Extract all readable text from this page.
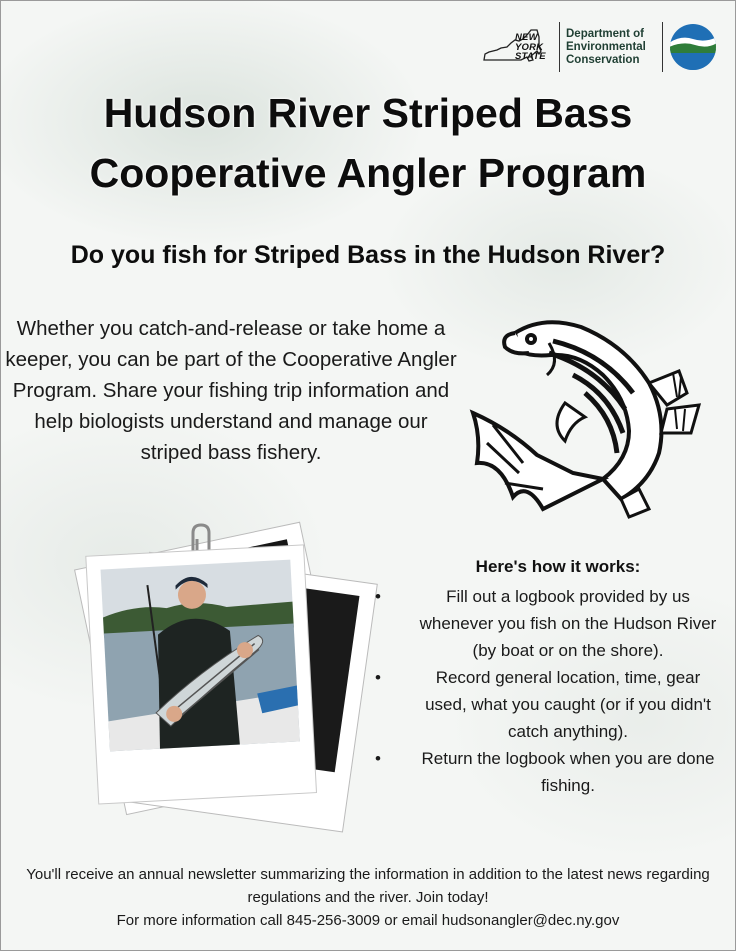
NEW
YORK
STATE
Department of
Environmental
Conservation
Hudson River Striped Bass
Cooperative Angler Program
Do you fish for Striped Bass in the Hudson River?
Whether you catch-and-release or take home a keeper, you can be part of the Cooperative Angler Program. Share your fishing trip information and help biologists understand and manage our striped bass fishery.
Here's how it works:
•	Fill out a logbook provided by us whenever you fish on the Hudson River (by boat or on the shore).
•	Record general location, time, gear used, what you caught (or if you didn't catch anything).
• Return the logbook when you are done fishing.
You'll receive an annual newsletter summarizing the information in addition to the latest news regarding regulations and the river. Join today!
For more information call 845-256-3009 or email hudsonangler@dec.ny.gov
